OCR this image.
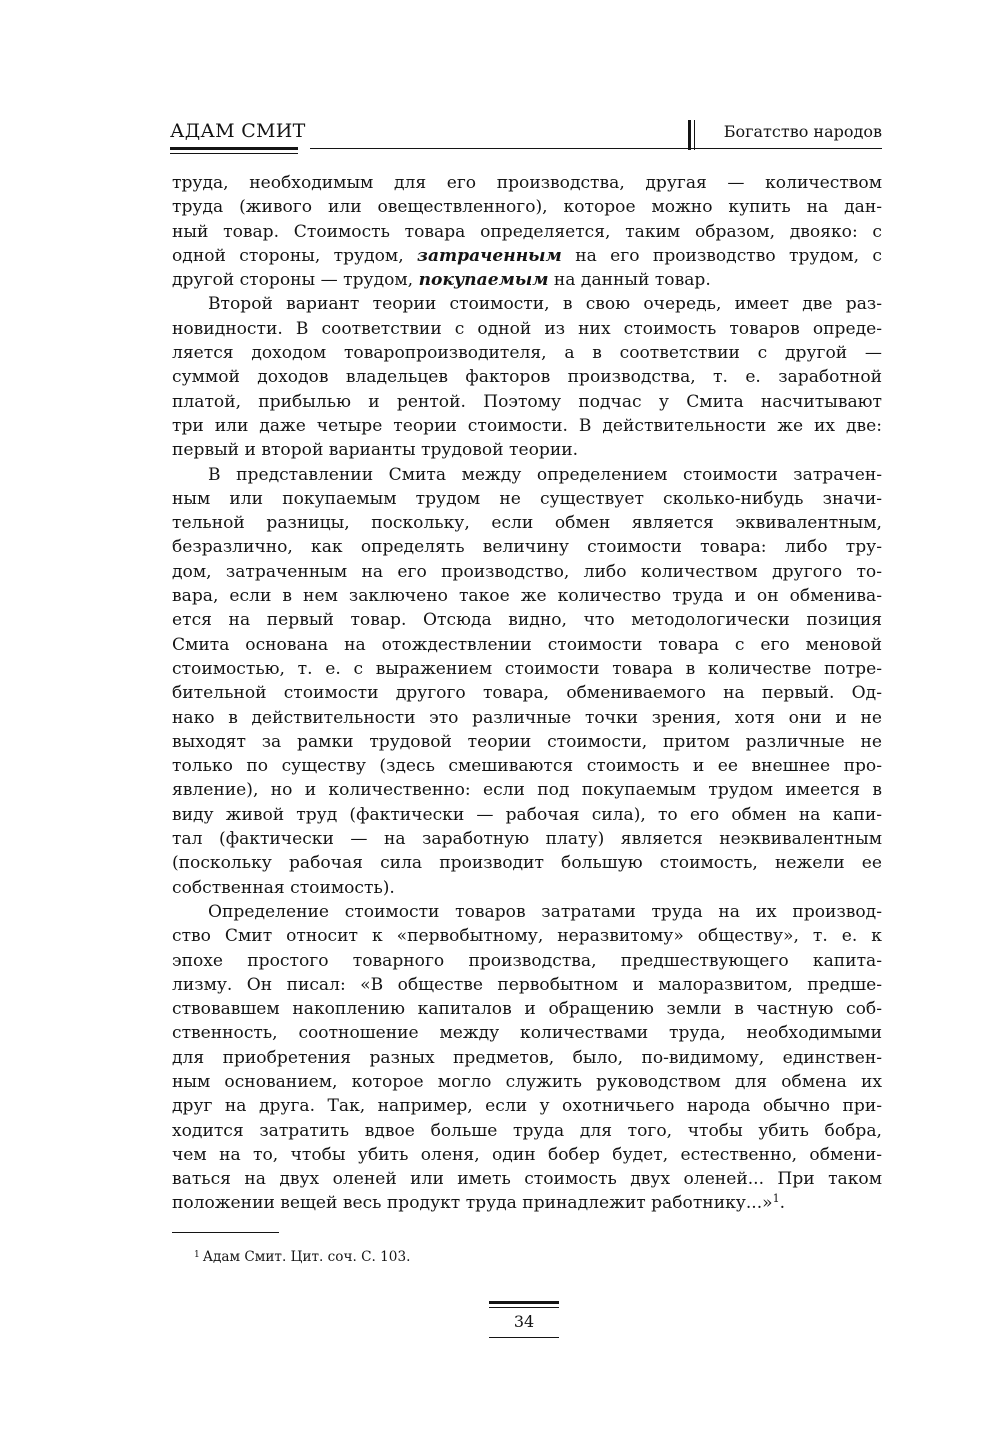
АДАМ СМИТ	Богатство народов
труда, необходимым для его производства, другая — количеством
труда (живого или овеществленного), которое можно купить на дан-
ный товар. Стоимость товара определяется, таким образом, двояко: с
одной стороны, трудом, затраченным на его производство трудом, с
другой стороны — трудом, покупаемым на данный товар.
Второй вариант теории стоимости, в свою очередь, имеет две раз-
новидности. В соответствии с одной из них стоимость товаров опреде-
ляется доходом товаропроизводителя, а в соответствии с другой —
суммой доходов владельцев факторов производства, т. е. заработной
платой, прибылью и рентой. Поэтому подчас у Смита насчитывают
три или даже четыре теории стоимости. В действительности же их две:
первый и второй варианты трудовой теории.
В представлении Смита между определением стоимости затрачен-
ным или покупаемым трудом не существует сколько-нибудь значи-
тельной разницы, поскольку, если обмен является эквивалентным,
безразлично, как определять величину стоимости товара: либо тру-
дом, затраченным на его производство, либо количеством другого то-
вара, если в нем заключено такое же количество труда и он обменива-
ется на первый товар. Отсюда видно, что методологически позиция
Смита основана на отождествлении стоимости товара с его меновой
стоимостью, т. е. с выражением стоимости товара в количестве потре-
бительной стоимости другого товара, обмениваемого на первый. Од-
нако в действительности это различные точки зрения, хотя они и не
выходят за рамки трудовой теории стоимости, притом различные не
только по существу (здесь смешиваются стоимость и ее внешнее про-
явление), но и количественно: если под покупаемым трудом имеется в
виду живой труд (фактически — рабочая сила), то его обмен на капи-
тал (фактически — на заработную плату) является неэквивалентным
(поскольку рабочая сила производит большую стоимость, нежели ее
собственная стоимость).
Определение стоимости товаров затратами труда на их производ-
ство Смит относит к «первобытному, неразвитому» обществу», т. е. к
эпохе простого товарного производства, предшествующего капита-
лизму. Он писал: «В обществе первобытном и малоразвитом, предше-
ствовавшем накоплению капиталов и обращению земли в частную соб-
ственность, соотношение между количествами труда, необходимыми
для приобретения разных предметов, было, по-видимому, единствен-
ным основанием, которое могло служить руководством для обмена их
друг на друга. Так, например, если у охотничьего народа обычно при-
ходится затратить вдвое больше труда для того, чтобы убить бобра,
чем на то, чтобы убить оленя, один бобер будет, естественно, обмени-
ваться на двух оленей или иметь стоимость двух оленей... При таком
положении вещей весь продукт труда принадлежит работнику...»$^1$.
$^1$ Адам Смит. Цит. соч. С. 103.
34
